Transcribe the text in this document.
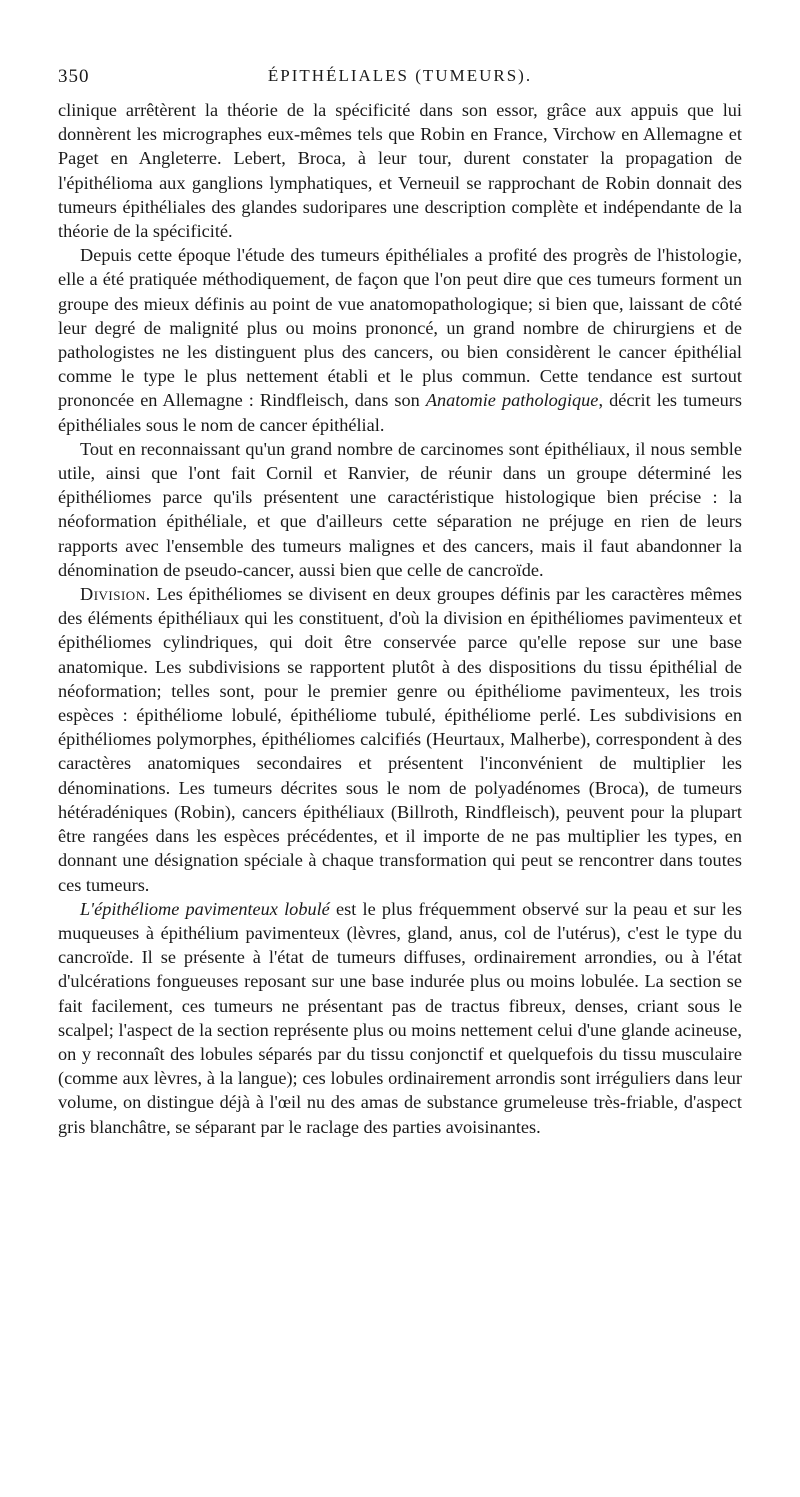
350	ÉPITHÉLIALES (TUMEURS).

clinique arrêtèrent la théorie de la spécificité dans son essor, grâce aux appuis que lui donnèrent les micrographes eux-mêmes tels que Robin en France, Virchow en Allemagne et Paget en Angleterre. Lebert, Broca, à leur tour, durent constater la propagation de l'épithélioma aux ganglions lymphatiques, et Verneuil se rapprochant de Robin donnait des tumeurs épithéliales des glandes sudoripares une description complète et indépendante de la théorie de la spécificité.

Depuis cette époque l'étude des tumeurs épithéliales a profité des progrès de l'histologie, elle a été pratiquée méthodiquement, de façon que l'on peut dire que ces tumeurs forment un groupe des mieux définis au point de vue anatomopathologique; si bien que, laissant de côté leur degré de malignité plus ou moins prononcé, un grand nombre de chirurgiens et de pathologistes ne les distinguent plus des cancers, ou bien considèrent le cancer épithélial comme le type le plus nettement établi et le plus commun. Cette tendance est surtout prononcée en Allemagne : Rindfleisch, dans son Anatomie pathologique, décrit les tumeurs épithéliales sous le nom de cancer épithélial.

Tout en reconnaissant qu'un grand nombre de carcinomes sont épithéliaux, il nous semble utile, ainsi que l'ont fait Cornil et Ranvier, de réunir dans un groupe déterminé les épithéliomes parce qu'ils présentent une caractéristique histologique bien précise : la néoformation épithéliale, et que d'ailleurs cette séparation ne préjuge en rien de leurs rapports avec l'ensemble des tumeurs malignes et des cancers, mais il faut abandonner la dénomination de pseudo-cancer, aussi bien que celle de cancroïde.

Division. Les épithéliomes se divisent en deux groupes définis par les caractères mêmes des éléments épithéliaux qui les constituent, d'où la division en épithéliomes pavimenteux et épithéliomes cylindriques, qui doit être conservée parce qu'elle repose sur une base anatomique. Les subdivisions se rapportent plutôt à des dispositions du tissu épithélial de néoformation; telles sont, pour le premier genre ou épithéliome pavimenteux, les trois espèces : épithéliome lobulé, épithéliome tubulé, épithéliome perlé. Les subdivisions en épithéliomes polymorphes, épithéliomes calcifiés (Heurtaux, Malherbe), correspondent à des caractères anatomiques secondaires et présentent l'inconvénient de multiplier les dénominations. Les tumeurs décrites sous le nom de polyadénomes (Broca), de tumeurs hétéradéniques (Robin), cancers épithéliaux (Billroth, Rindfleisch), peuvent pour la plupart être rangées dans les espèces précédentes, et il importe de ne pas multiplier les types, en donnant une désignation spéciale à chaque transformation qui peut se rencontrer dans toutes ces tumeurs.

L'épithéliome pavimenteux lobulé est le plus fréquemment observé sur la peau et sur les muqueuses à épithélium pavimenteux (lèvres, gland, anus, col de l'utérus), c'est le type du cancroïde. Il se présente à l'état de tumeurs diffuses, ordinairement arrondies, ou à l'état d'ulcérations fongueuses reposant sur une base indurée plus ou moins lobulée. La section se fait facilement, ces tumeurs ne présentant pas de tractus fibreux, denses, criant sous le scalpel; l'aspect de la section représente plus ou moins nettement celui d'une glande acineuse, on y reconnaît des lobules séparés par du tissu conjonctif et quelquefois du tissu musculaire (comme aux lèvres, à la langue); ces lobules ordinairement arrondis sont irréguliers dans leur volume, on distingue déjà à l'œil nu des amas de substance grumeleuse très-friable, d'aspect gris blanchâtre, se séparant par le raclage des parties avoisinantes.
